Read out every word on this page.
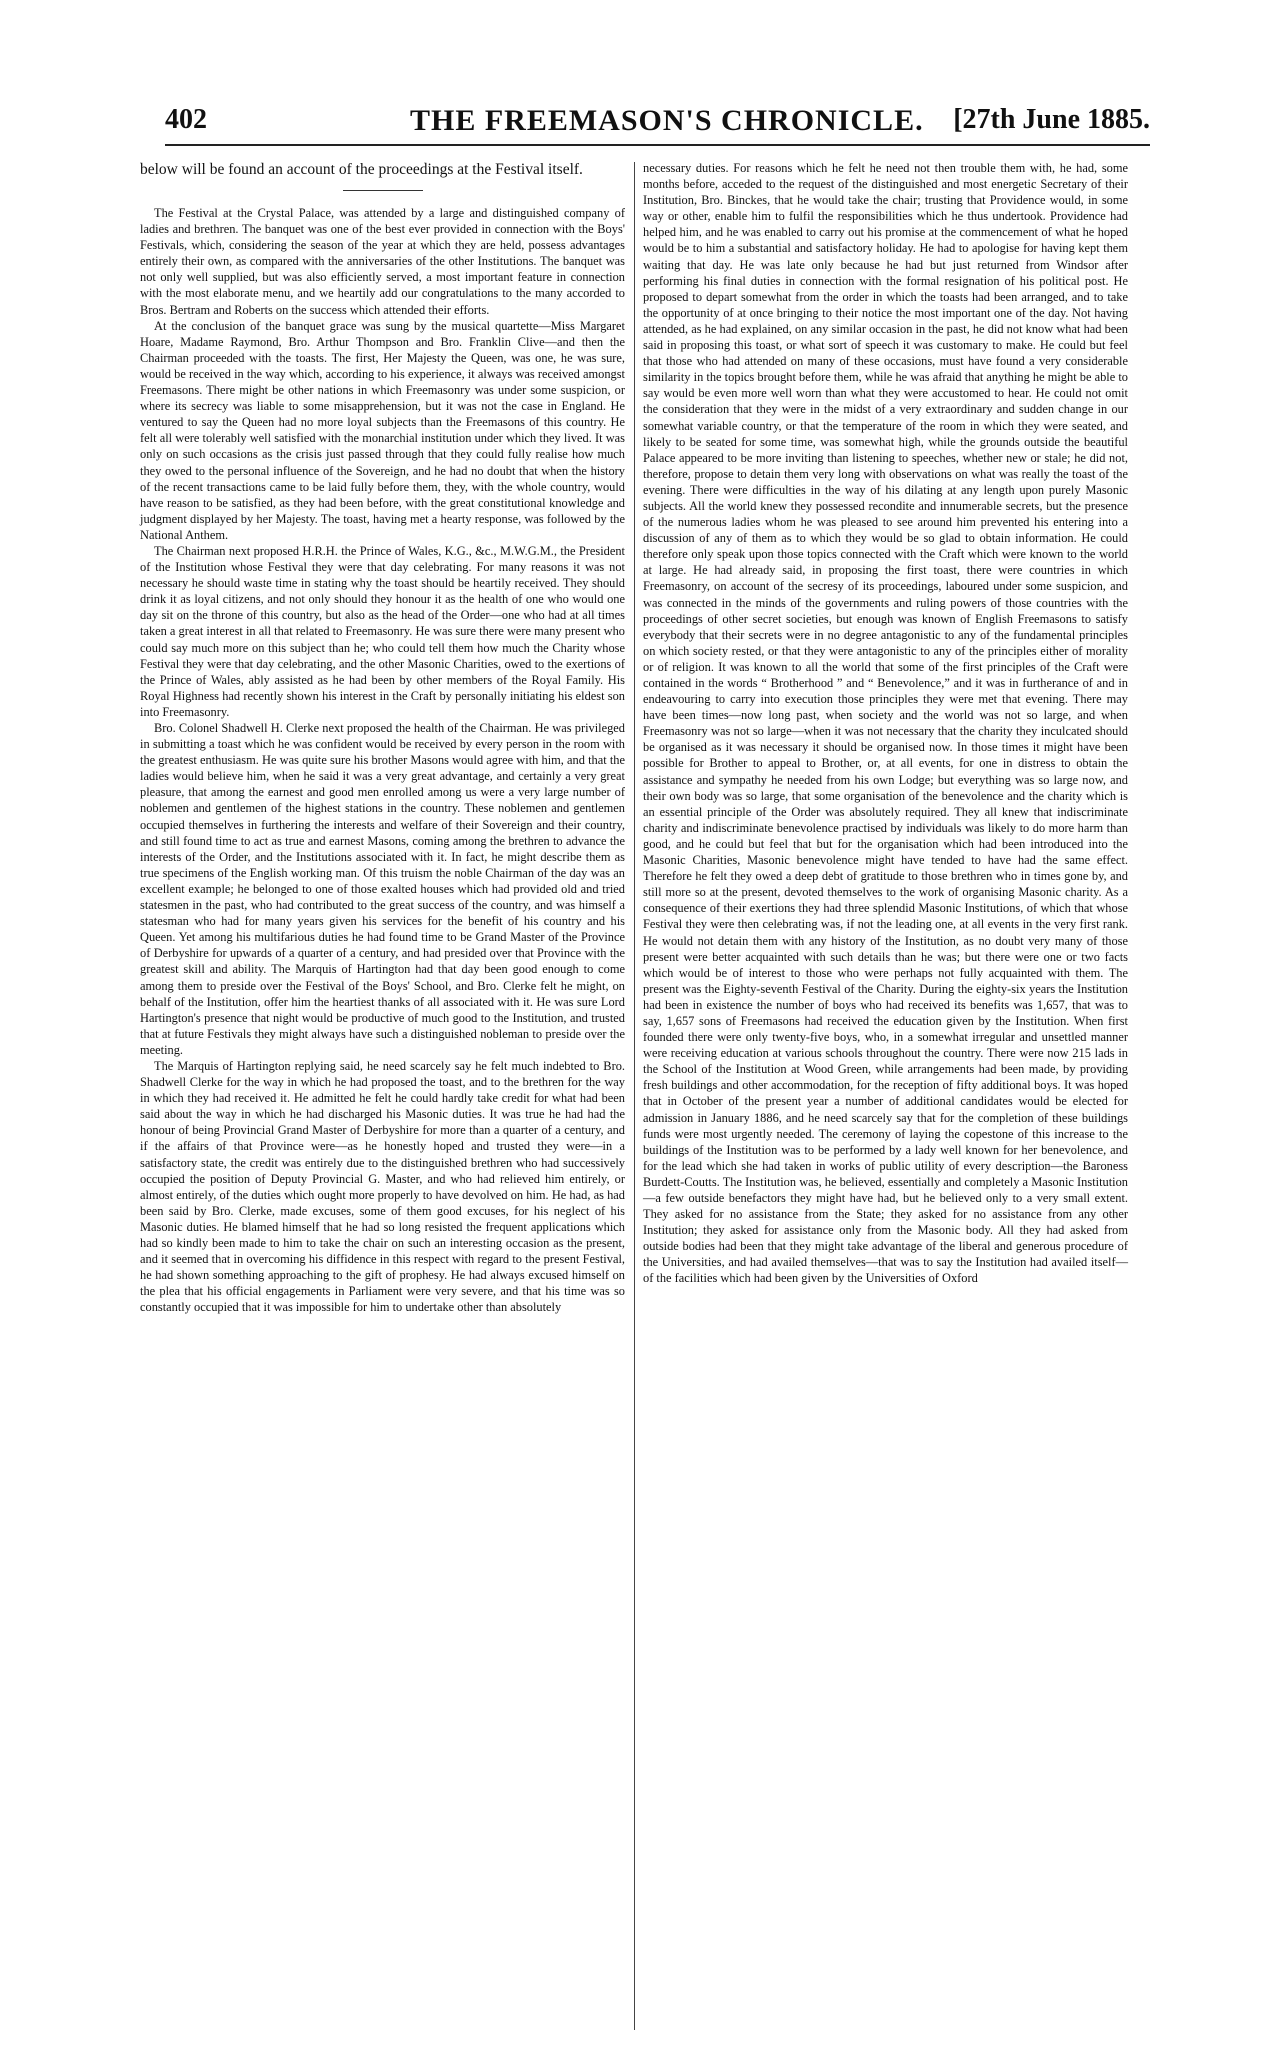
402	THE FREEMASON'S CHRONICLE. [27th June 1885.

below will be found an account of the proceedings at the Festival itself.

The Festival at the Crystal Palace, was attended by a large and distinguished company of ladies and brethren. The banquet was one of the best ever provided in connection with the Boys' Festivals, which, considering the season of the year at which they are held, possess advantages entirely their own, as compared with the anniversaries of the other Institutions. The banquet was not only well supplied, but was also efficiently served, a most important feature in connection with the most elaborate menu, and we heartily add our congratulations to the many accorded to Bros. Bertram and Roberts on the success which attended their efforts.

At the conclusion of the banquet grace was sung by the musical quartette—Miss Margaret Hoare, Madame Raymond, Bro. Arthur Thompson and Bro. Franklin Clive—and then the Chairman proceeded with the toasts. The first, Her Majesty the Queen, was one, he was sure, would be received in the way which, according to his experience, it always was received amongst Freemasons. There might be other nations in which Freemasonry was under some suspicion, or where its secrecy was liable to some misapprehension, but it was not the case in England. He ventured to say the Queen had no more loyal subjects than the Freemasons of this country. He felt all were tolerably well satisfied with the monarchial institution under which they lived. It was only on such occasions as the crisis just passed through that they could fully realise how much they owed to the personal influence of the Sovereign, and he had no doubt that when the history of the recent transactions came to be laid fully before them, they, with the whole country, would have reason to be satisfied, as they had been before, with the great constitutional knowledge and judgment displayed by her Majesty. The toast, having met a hearty response, was followed by the National Anthem.

The Chairman next proposed H.R.H. the Prince of Wales, K.G., &c., M.W.G.M., the President of the Institution whose Festival they were that day celebrating. For many reasons it was not necessary he should waste time in stating why the toast should be heartily received. They should drink it as loyal citizens, and not only should they honour it as the health of one who would one day sit on the throne of this country, but also as the head of the Order—one who had at all times taken a great interest in all that related to Freemasonry. He was sure there were many present who could say much more on this subject than he; who could tell them how much the Charity whose Festival they were that day celebrating, and the other Masonic Charities, owed to the exertions of the Prince of Wales, ably assisted as he had been by other members of the Royal Family. His Royal Highness had recently shown his interest in the Craft by personally initiating his eldest son into Freemasonry.

Bro. Colonel Shadwell H. Clerke next proposed the health of the Chairman. He was privileged in submitting a toast which he was confident would be received by every person in the room with the greatest enthusiasm. He was quite sure his brother Masons would agree with him, and that the ladies would believe him, when he said it was a very great advantage, and certainly a very great pleasure, that among the earnest and good men enrolled among us were a very large number of noblemen and gentlemen of the highest stations in the country. These noblemen and gentlemen occupied themselves in furthering the interests and welfare of their Sovereign and their country, and still found time to act as true and earnest Masons, coming among the brethren to advance the interests of the Order, and the Institutions associated with it. In fact, he might describe them as true specimens of the English working man. Of this truism the noble Chairman of the day was an excellent example; he belonged to one of those exalted houses which had provided old and tried statesmen in the past, who had contributed to the great success of the country, and was himself a statesman who had for many years given his services for the benefit of his country and his Queen. Yet among his multifarious duties he had found time to be Grand Master of the Province of Derbyshire for upwards of a quarter of a century, and had presided over that Province with the greatest skill and ability. The Marquis of Hartington had that day been good enough to come among them to preside over the Festival of the Boys' School, and Bro. Clerke felt he might, on behalf of the Institution, offer him the heartiest thanks of all associated with it. He was sure Lord Hartington's presence that night would be productive of much good to the Institution, and trusted that at future Festivals they might always have such a distinguished nobleman to preside over the meeting.

The Marquis of Hartington replying said, he need scarcely say he felt much indebted to Bro. Shadwell Clerke for the way in which he had proposed the toast, and to the brethren for the way in which they had received it. He admitted he felt he could hardly take credit for what had been said about the way in which he had discharged his Masonic duties. It was true he had had the honour of being Provincial Grand Master of Derbyshire for more than a quarter of a century, and if the affairs of that Province were—as he honestly hoped and trusted they were—in a satisfactory state, the credit was entirely due to the distinguished brethren who had successively occupied the position of Deputy Provincial G. Master, and who had relieved him entirely, or almost entirely, of the duties which ought more properly to have devolved on him. He had, as had been said by Bro. Clerke, made excuses, some of them good excuses, for his neglect of his Masonic duties. He blamed himself that he had so long resisted the frequent applications which had so kindly been made to him to take the chair on such an interesting occasion as the present, and it seemed that in overcoming his diffidence in this respect with regard to the present Festival, he had shown something approaching to the gift of prophesy. He had always excused himself on the plea that his official engagements in Parliament were very severe, and that his time was so constantly occupied that it was impossible for him to undertake other than absolutely

necessary duties. For reasons which he felt he need not then trouble them with, he had, some months before, acceded to the request of the distinguished and most energetic Secretary of their Institution, Bro. Binckes, that he would take the chair; trusting that Providence would, in some way or other, enable him to fulfil the responsibilities which he thus undertook. Providence had helped him, and he was enabled to carry out his promise at the commencement of what he hoped would be to him a substantial and satisfactory holiday. He had to apologise for having kept them waiting that day. He was late only because he had but just returned from Windsor after performing his final duties in connection with the formal resignation of his political post. He proposed to depart somewhat from the order in which the toasts had been arranged, and to take the opportunity of at once bringing to their notice the most important one of the day. Not having attended, as he had explained, on any similar occasion in the past, he did not know what had been said in proposing this toast, or what sort of speech it was customary to make. He could but feel that those who had attended on many of these occasions, must have found a very considerable similarity in the topics brought before them, while he was afraid that anything he might be able to say would be even more well worn than what they were accustomed to hear. He could not omit the consideration that they were in the midst of a very extraordinary and sudden change in our somewhat variable country, or that the temperature of the room in which they were seated, and likely to be seated for some time, was somewhat high, while the grounds outside the beautiful Palace appeared to be more inviting than listening to speeches, whether new or stale; he did not, therefore, propose to detain them very long with observations on what was really the toast of the evening. There were difficulties in the way of his dilating at any length upon purely Masonic subjects. All the world knew they possessed recondite and innumerable secrets, but the presence of the numerous ladies whom he was pleased to see around him prevented his entering into a discussion of any of them as to which they would be so glad to obtain information. He could therefore only speak upon those topics connected with the Craft which were known to the world at large. He had already said, in proposing the first toast, there were countries in which Freemasonry, on account of the secresy of its proceedings, laboured under some suspicion, and was connected in the minds of the governments and ruling powers of those countries with the proceedings of other secret societies, but enough was known of English Freemasons to satisfy everybody that their secrets were in no degree antagonistic to any of the fundamental principles on which society rested, or that they were antagonistic to any of the principles either of morality or of religion. It was known to all the world that some of the first principles of the Craft were contained in the words “ Brotherhood ” and “ Benevolence,” and it was in furtherance of and in endeavouring to carry into execution those principles they were met that evening. There may have been times—now long past, when society and the world was not so large, and when Freemasonry was not so large—when it was not necessary that the charity they inculcated should be organised as it was necessary it should be organised now. In those times it might have been possible for Brother to appeal to Brother, or, at all events, for one in distress to obtain the assistance and sympathy he needed from his own Lodge; but everything was so large now, and their own body was so large, that some organisation of the benevolence and the charity which is an essential principle of the Order was absolutely required. They all knew that indiscriminate charity and indiscriminate benevolence practised by individuals was likely to do more harm than good, and he could but feel that but for the organisation which had been introduced into the Masonic Charities, Masonic benevolence might have tended to have had the same effect. Therefore he felt they owed a deep debt of gratitude to those brethren who in times gone by, and still more so at the present, devoted themselves to the work of organising Masonic charity. As a consequence of their exertions they had three splendid Masonic Institutions, of which that whose Festival they were then celebrating was, if not the leading one, at all events in the very first rank. He would not detain them with any history of the Institution, as no doubt very many of those present were better acquainted with such details than he was; but there were one or two facts which would be of interest to those who were perhaps not fully acquainted with them. The present was the Eighty-seventh Festival of the Charity. During the eighty-six years the Institution had been in existence the number of boys who had received its benefits was 1,657, that was to say, 1,657 sons of Freemasons had received the education given by the Institution. When first founded there were only twenty-five boys, who, in a somewhat irregular and unsettled manner were receiving education at various schools throughout the country. There were now 215 lads in the School of the Institution at Wood Green, while arrangements had been made, by providing fresh buildings and other accommodation, for the reception of fifty additional boys. It was hoped that in October of the present year a number of additional candidates would be elected for admission in January 1886, and he need scarcely say that for the completion of these buildings funds were most urgently needed. The ceremony of laying the copestone of this increase to the buildings of the Institution was to be performed by a lady well known for her benevolence, and for the lead which she had taken in works of public utility of every description—the Baroness Burdett-Coutts. The Institution was, he believed, essentially and completely a Masonic Institution—a few outside benefactors they might have had, but he believed only to a very small extent. They asked for no assistance from the State; they asked for no assistance from any other Institution; they asked for assistance only from the Masonic body. All they had asked from outside bodies had been that they might take advantage of the liberal and generous procedure of the Universities, and had availed themselves—that was to say the Institution had availed itself—of the facilities which had been given by the Universities of Oxford
